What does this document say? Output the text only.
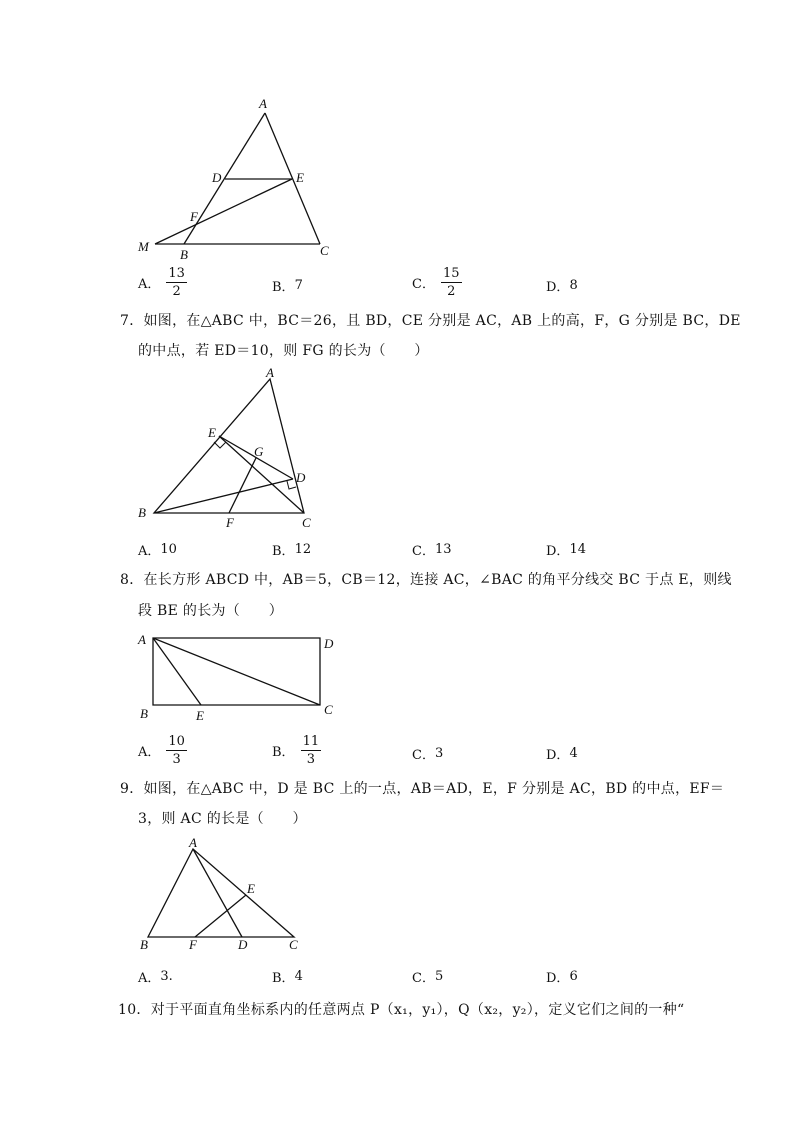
A
D	E
F
M
B	C
A． $\frac{13}{2}$	B． 7	C． $\frac{15}{2}$	D． 8
7．如图，在△ABC 中，BC＝26，且 BD，CE 分别是 AC，AB 上的高，F，G 分别是 BC，DE
的中点，若 ED＝10，则 FG 的长为（　　）
A
E
G
D
B
F	C
A． 10	B． 12	C． 13	D． 14
8．在长方形 ABCD 中，AB＝5，CB＝12，连接 AC，∠BAC 的角平分线交 BC 于点 E，则线
段 BE 的长为（　　）
A	D
B	E	C
A． $\frac{10}{3}$	B． $\frac{11}{3}$	C． 3	D． 4
9．如图，在△ABC 中，D 是 BC 上的一点，AB＝AD，E，F 分别是 AC，BD 的中点，EF＝
3，则 AC 的长是（　　）
A
E
B	F	D	C
A． 3.	B． 4	C． 5	D． 6
10．对于平面直角坐标系内的任意两点 P（x₁，y₁），Q（x₂，y₂），定义它们之间的一种“
